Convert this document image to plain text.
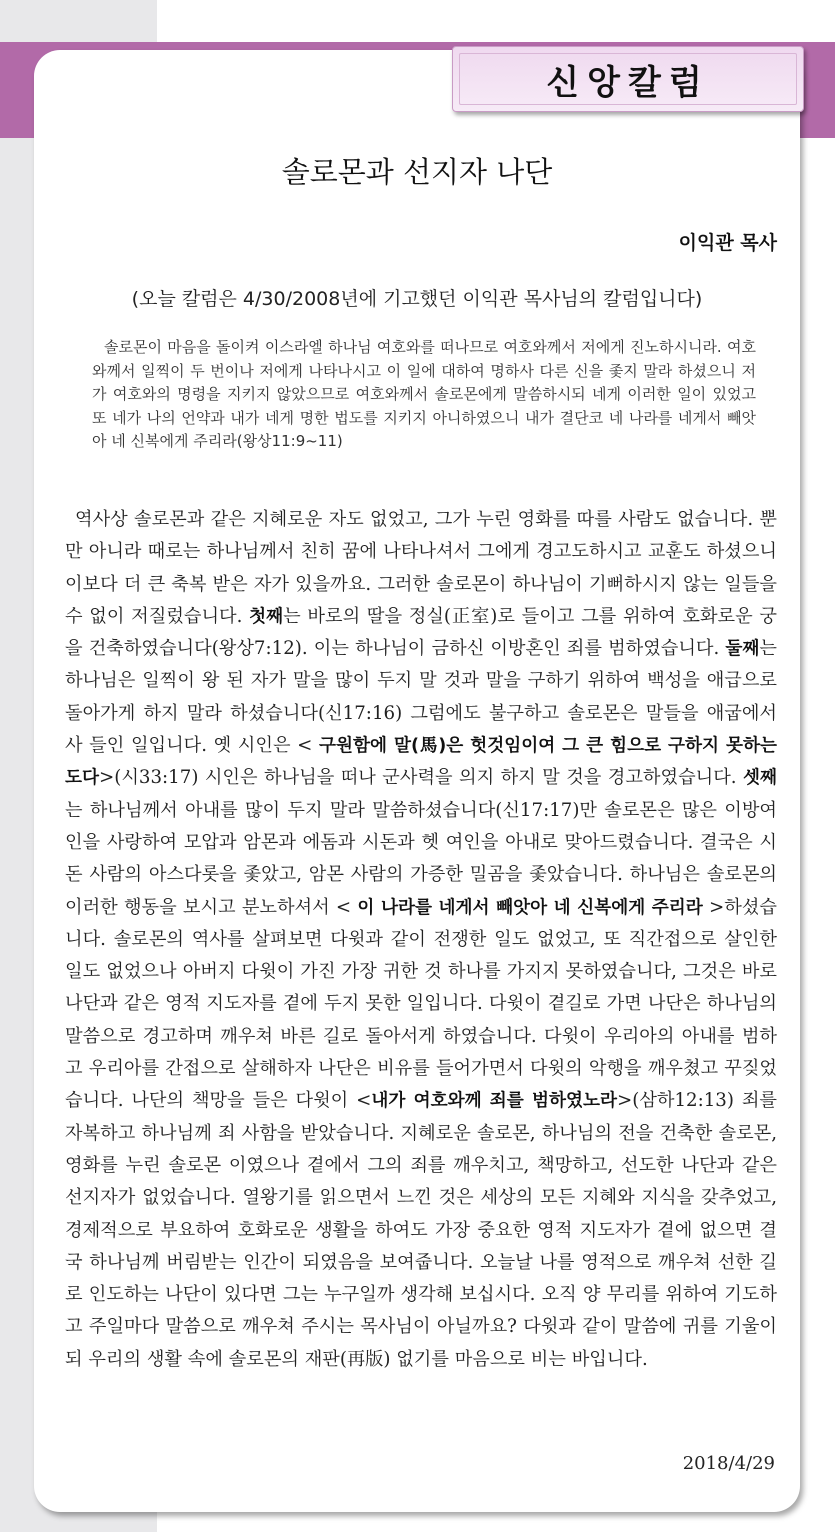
신앙칼럼
솔로몬과 선지자 나단
이익관 목사
(오늘 칼럼은 4/30/2008년에 기고했던 이익관 목사님의 칼럼입니다)

솔로몬이 마음을 돌이켜 이스라엘 하나님 여호와를 떠나므로 여호와께서 저에게 진노하시니라. 여호와께서 일찍이 두 번이나 저에게 나타나시고 이 일에 대하여 명하사 다른 신을 좇지 말라 하셨으니 저가 여호와의 명령을 지키지 않았으므로 여호와께서 솔로몬에게 말씀하시되 네게 이러한 일이 있었고 또 네가 나의 언약과 내가 네게 명한 법도를 지키지 아니하였으니 내가 결단코 네 나라를 네게서 빼앗아 네 신복에게 주리라(왕상11:9~11)

역사상 솔로몬과 같은 지혜로운 자도 없었고, 그가 누린 영화를 따를 사람도 없습니다. 뿐만 아니라 때로는 하나님께서 친히 꿈에 나타나셔서 그에게 경고도하시고 교훈도 하셨으니 이보다 더 큰 축복 받은 자가 있을까요. 그러한 솔로몬이 하나님이 기뻐하시지 않는 일들을 수 없이 저질렀습니다. 첫째는 바로의 딸을 정실(正室)로 들이고 그를 위하여 호화로운 궁을 건축하였습니다(왕상7:12). 이는 하나님이 금하신 이방혼인 죄를 범하였습니다. 둘째는 하나님은 일찍이 왕 된 자가 말을 많이 두지 말 것과 말을 구하기 위하여 백성을 애급으로 돌아가게 하지 말라 하셨습니다(신17:16) 그럼에도 불구하고 솔로몬은 말들을 애굽에서 사 들인 일입니다. 옛 시인은 < 구원함에 말(馬)은 헛것임이여 그 큰 힘으로 구하지 못하는도다>(시33:17) 시인은 하나님을 떠나 군사력을 의지 하지 말 것을 경고하였습니다. 셋째는 하나님께서 아내를 많이 두지 말라 말씀하셨습니다(신17:17)만 솔로몬은 많은 이방여인을 사랑하여 모압과 암몬과 에돔과 시돈과 헷 여인을 아내로 맞아드렸습니다. 결국은 시돈 사람의 아스다롯을 좇았고, 암몬 사람의 가증한 밀곰을 좇았습니다. 하나님은 솔로몬의 이러한 행동을 보시고 분노하셔서 < 이 나라를 네게서 빼앗아 네 신복에게 주리라 >하셨습니다. 솔로몬의 역사를 살펴보면 다윗과 같이 전쟁한 일도 없었고, 또 직간접으로 살인한 일도 없었으나 아버지 다윗이 가진 가장 귀한 것 하나를 가지지 못하였습니다, 그것은 바로 나단과 같은 영적 지도자를 곁에 두지 못한 일입니다. 다윗이 곁길로 가면 나단은 하나님의 말씀으로 경고하며 깨우쳐 바른 길로 돌아서게 하였습니다. 다윗이 우리아의 아내를 범하고 우리아를 간접으로 살해하자 나단은 비유를 들어가면서 다윗의 악행을 깨우쳤고 꾸짖었습니다. 나단의 책망을 들은 다윗이 <내가 여호와께 죄를 범하였노라>(삼하12:13) 죄를 자복하고 하나님께 죄 사함을 받았습니다. 지혜로운 솔로몬, 하나님의 전을 건축한 솔로몬, 영화를 누린 솔로몬 이였으나 곁에서 그의 죄를 깨우치고, 책망하고, 선도한 나단과 같은 선지자가 없었습니다. 열왕기를 읽으면서 느낀 것은 세상의 모든 지혜와 지식을 갖추었고, 경제적으로 부요하여 호화로운 생활을 하여도 가장 중요한 영적 지도자가 곁에 없으면 결국 하나님께 버림받는 인간이 되였음을 보여줍니다. 오늘날 나를 영적으로 깨우쳐 선한 길로 인도하는 나단이 있다면 그는 누구일까 생각해 보십시다. 오직 양 무리를 위하여 기도하고 주일마다 말씀으로 깨우쳐 주시는 목사님이 아닐까요? 다윗과 같이 말씀에 귀를 기울이되 우리의 생활 속에 솔로몬의 재판(再版) 없기를 마음으로 비는 바입니다.

2018/4/29
